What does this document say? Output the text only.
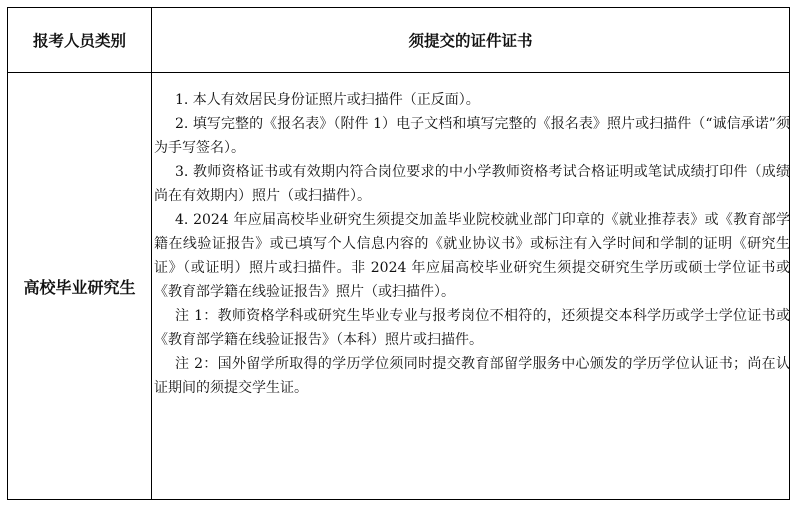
报考人员类别	须提交的证件证书
高校毕业研究生

1. 本人有效居民身份证照片或扫描件（正反面）。

2. 填写完整的《报名表》（附件 1）电子文档和填写完整的《报名表》照片或扫描件（“诚信承诺”须为手写签名）。

3. 教师资格证书或有效期内符合岗位要求的中小学教师资格考试合格证明或笔试成绩打印件（成绩尚在有效期内）照片（或扫描件）。

4. 2024 年应届高校毕业研究生须提交加盖毕业院校就业部门印章的《就业推荐表》或《教育部学籍在线验证报告》或已填写个人信息内容的《就业协议书》或标注有入学时间和学制的证明《研究生证》（或证明）照片或扫描件。非 2024 年应届高校毕业研究生须提交研究生学历或硕士学位证书或《教育部学籍在线验证报告》照片（或扫描件）。

注 1：教师资格学科或研究生毕业专业与报考岗位不相符的，还须提交本科学历或学士学位证书或《教育部学籍在线验证报告》（本科）照片或扫描件。

注 2：国外留学所取得的学历学位须同时提交教育部留学服务中心颁发的学历学位认证书；尚在认证期间的须提交学生证。
